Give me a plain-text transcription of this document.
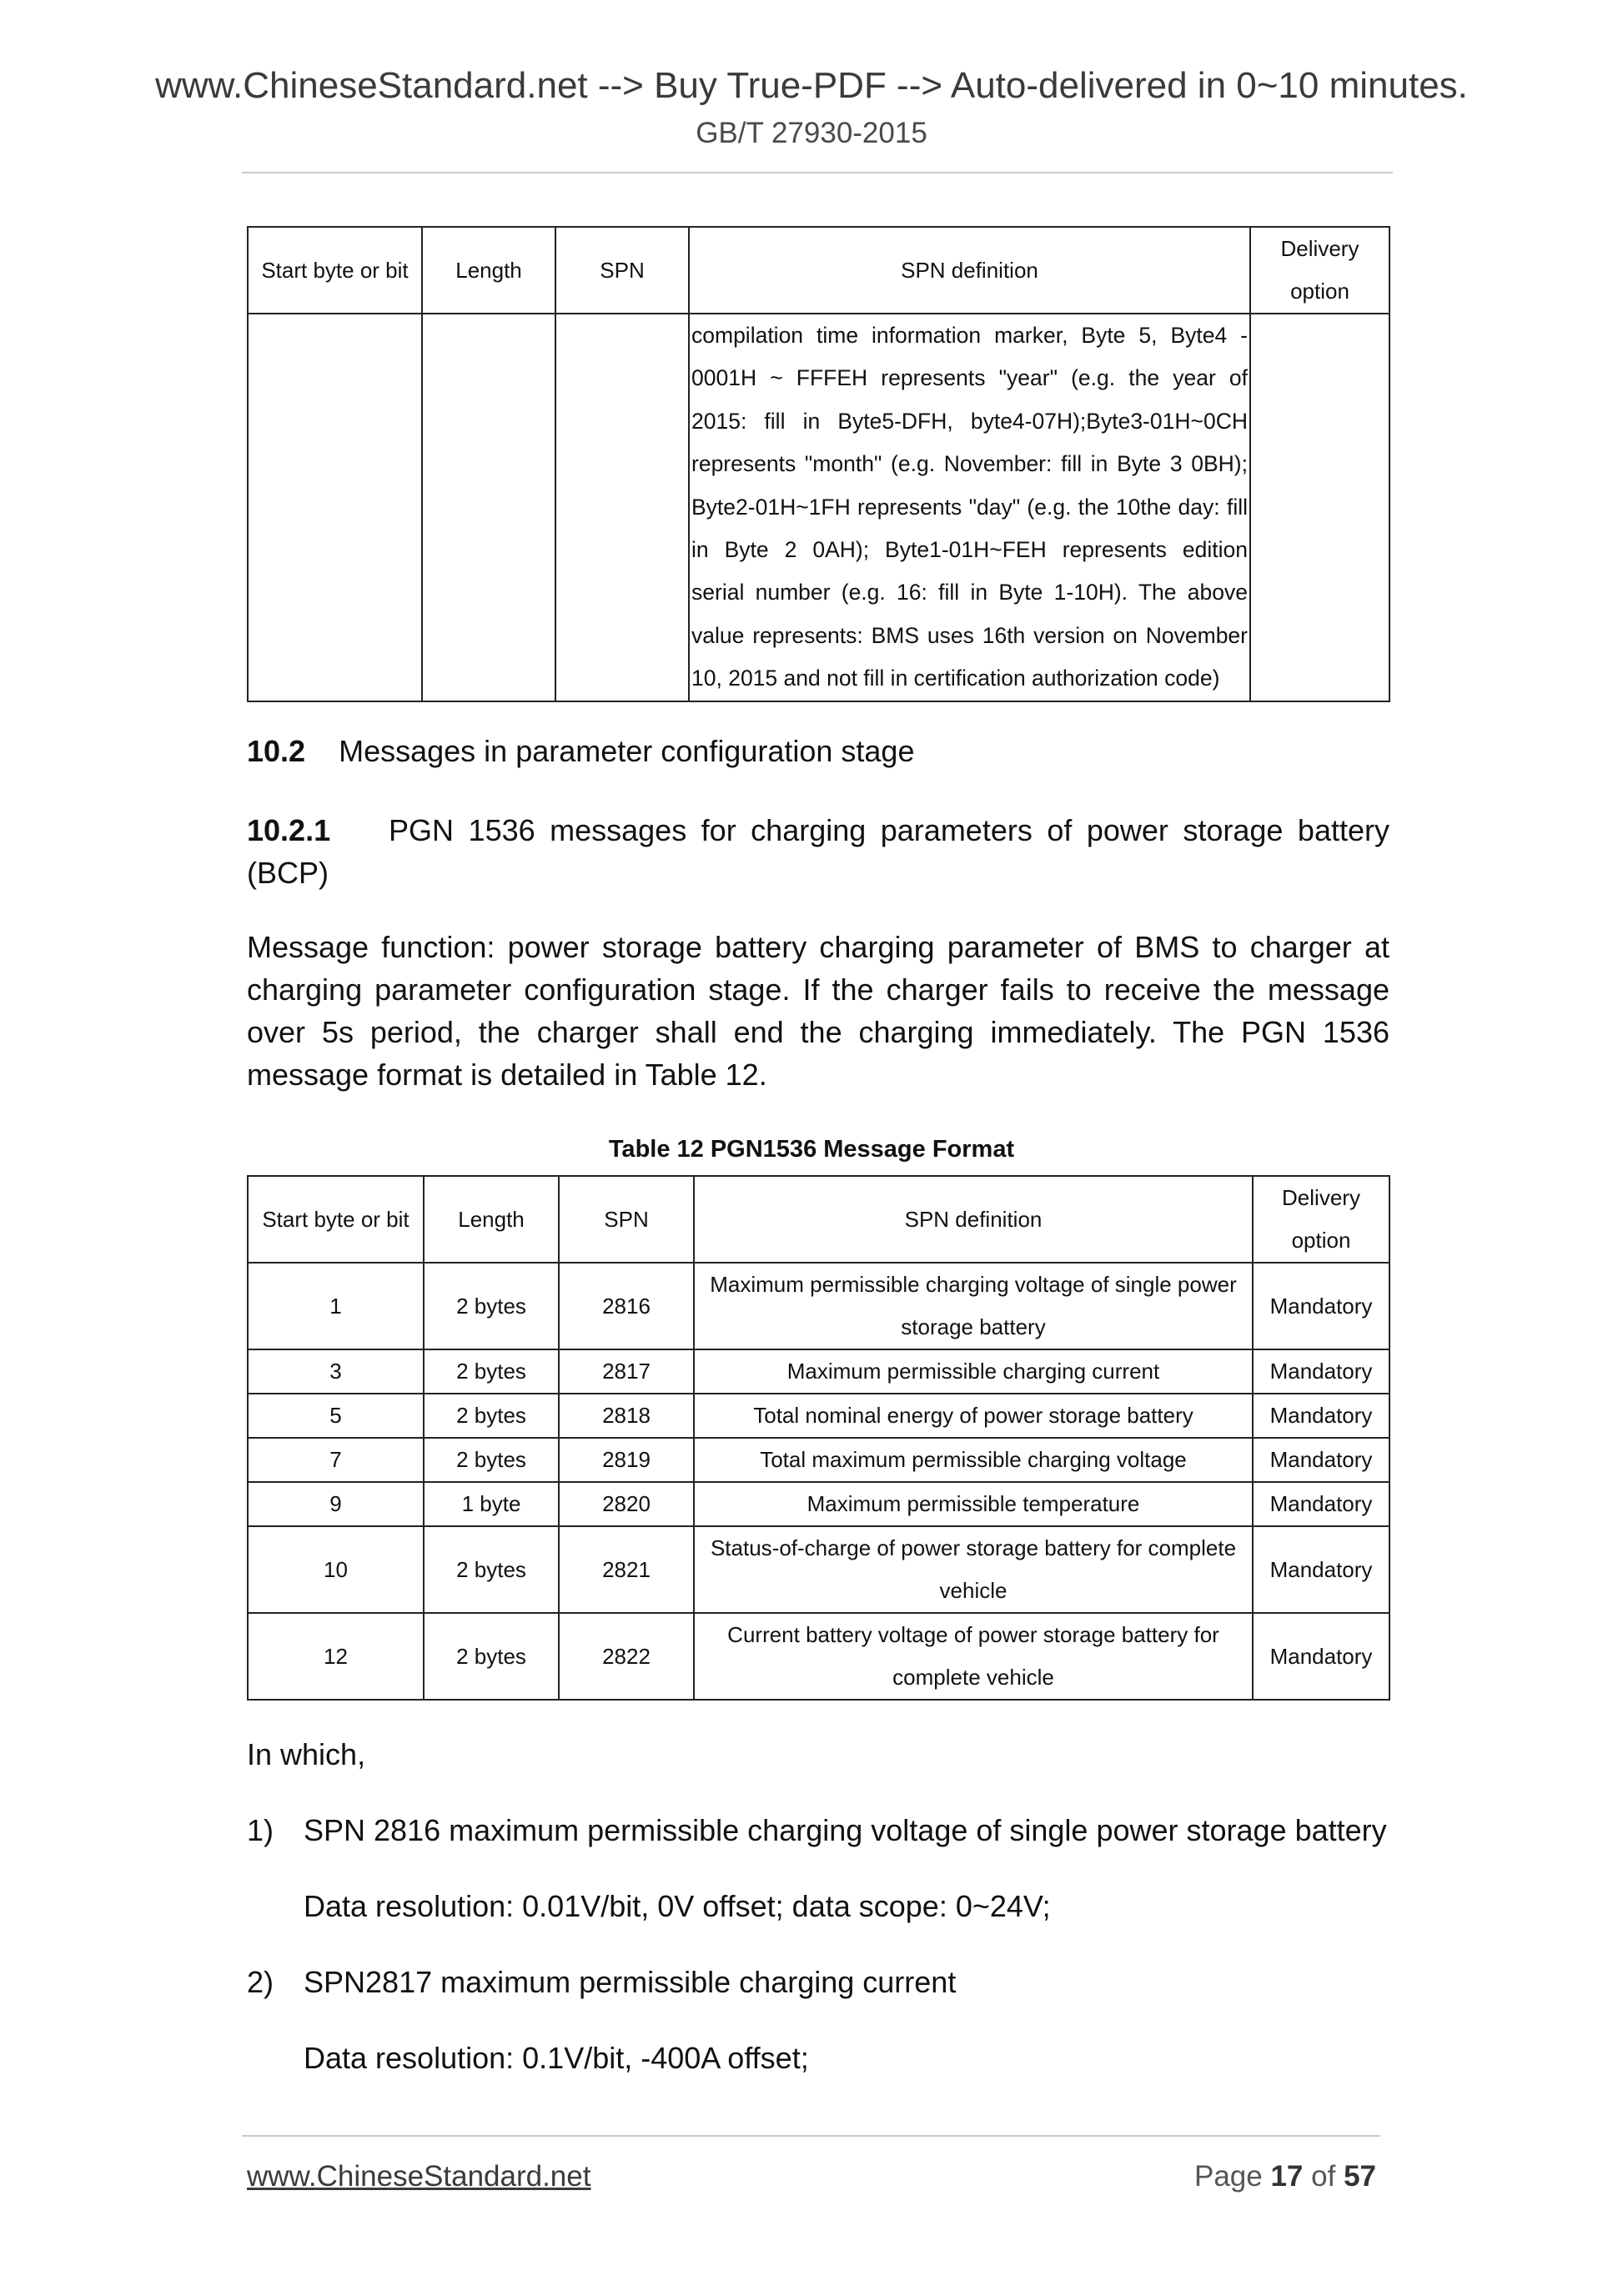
www.ChineseStandard.net --> Buy True-PDF --> Auto-delivered in 0~10 minutes.
GB/T 27930-2015
Start byte or bit	Length	SPN	SPN definition	Delivery option
			compilation time information marker, Byte 5, Byte4 - 0001H ~ FFFEH represents "year" (e.g. the year of 2015: fill in Byte5-DFH, byte4-07H);Byte3-01H~0CH represents "month" (e.g. November: fill in Byte 3 0BH); Byte2-01H~1FH represents "day" (e.g. the 10the day: fill in Byte 2 0AH); Byte1-01H~FEH represents edition serial number (e.g. 16: fill in Byte 1-10H). The above value represents: BMS uses 16th version on November 10, 2015 and not fill in certification authorization code)	
10.2 Messages in parameter configuration stage
10.2.1 PGN 1536 messages for charging parameters of power storage battery (BCP)
Message function: power storage battery charging parameter of BMS to charger at charging parameter configuration stage. If the charger fails to receive the message over 5s period, the charger shall end the charging immediately. The PGN 1536 message format is detailed in Table 12.
Table 12 PGN1536 Message Format
Start byte or bit	Length	SPN	SPN definition	Delivery option
1	2 bytes	2816	Maximum permissible charging voltage of single power storage battery	Mandatory
3	2 bytes	2817	Maximum permissible charging current	Mandatory
5	2 bytes	2818	Total nominal energy of power storage battery	Mandatory
7	2 bytes	2819	Total maximum permissible charging voltage	Mandatory
9	1 byte	2820	Maximum permissible temperature	Mandatory
10	2 bytes	2821	Status-of-charge of power storage battery for complete vehicle	Mandatory
12	2 bytes	2822	Current battery voltage of power storage battery for complete vehicle	Mandatory
In which,
1) SPN 2816 maximum permissible charging voltage of single power storage battery
Data resolution: 0.01V/bit, 0V offset; data scope: 0~24V;
2) SPN2817 maximum permissible charging current
Data resolution: 0.1V/bit, -400A offset;
www.ChineseStandard.net	Page 17 of 57
